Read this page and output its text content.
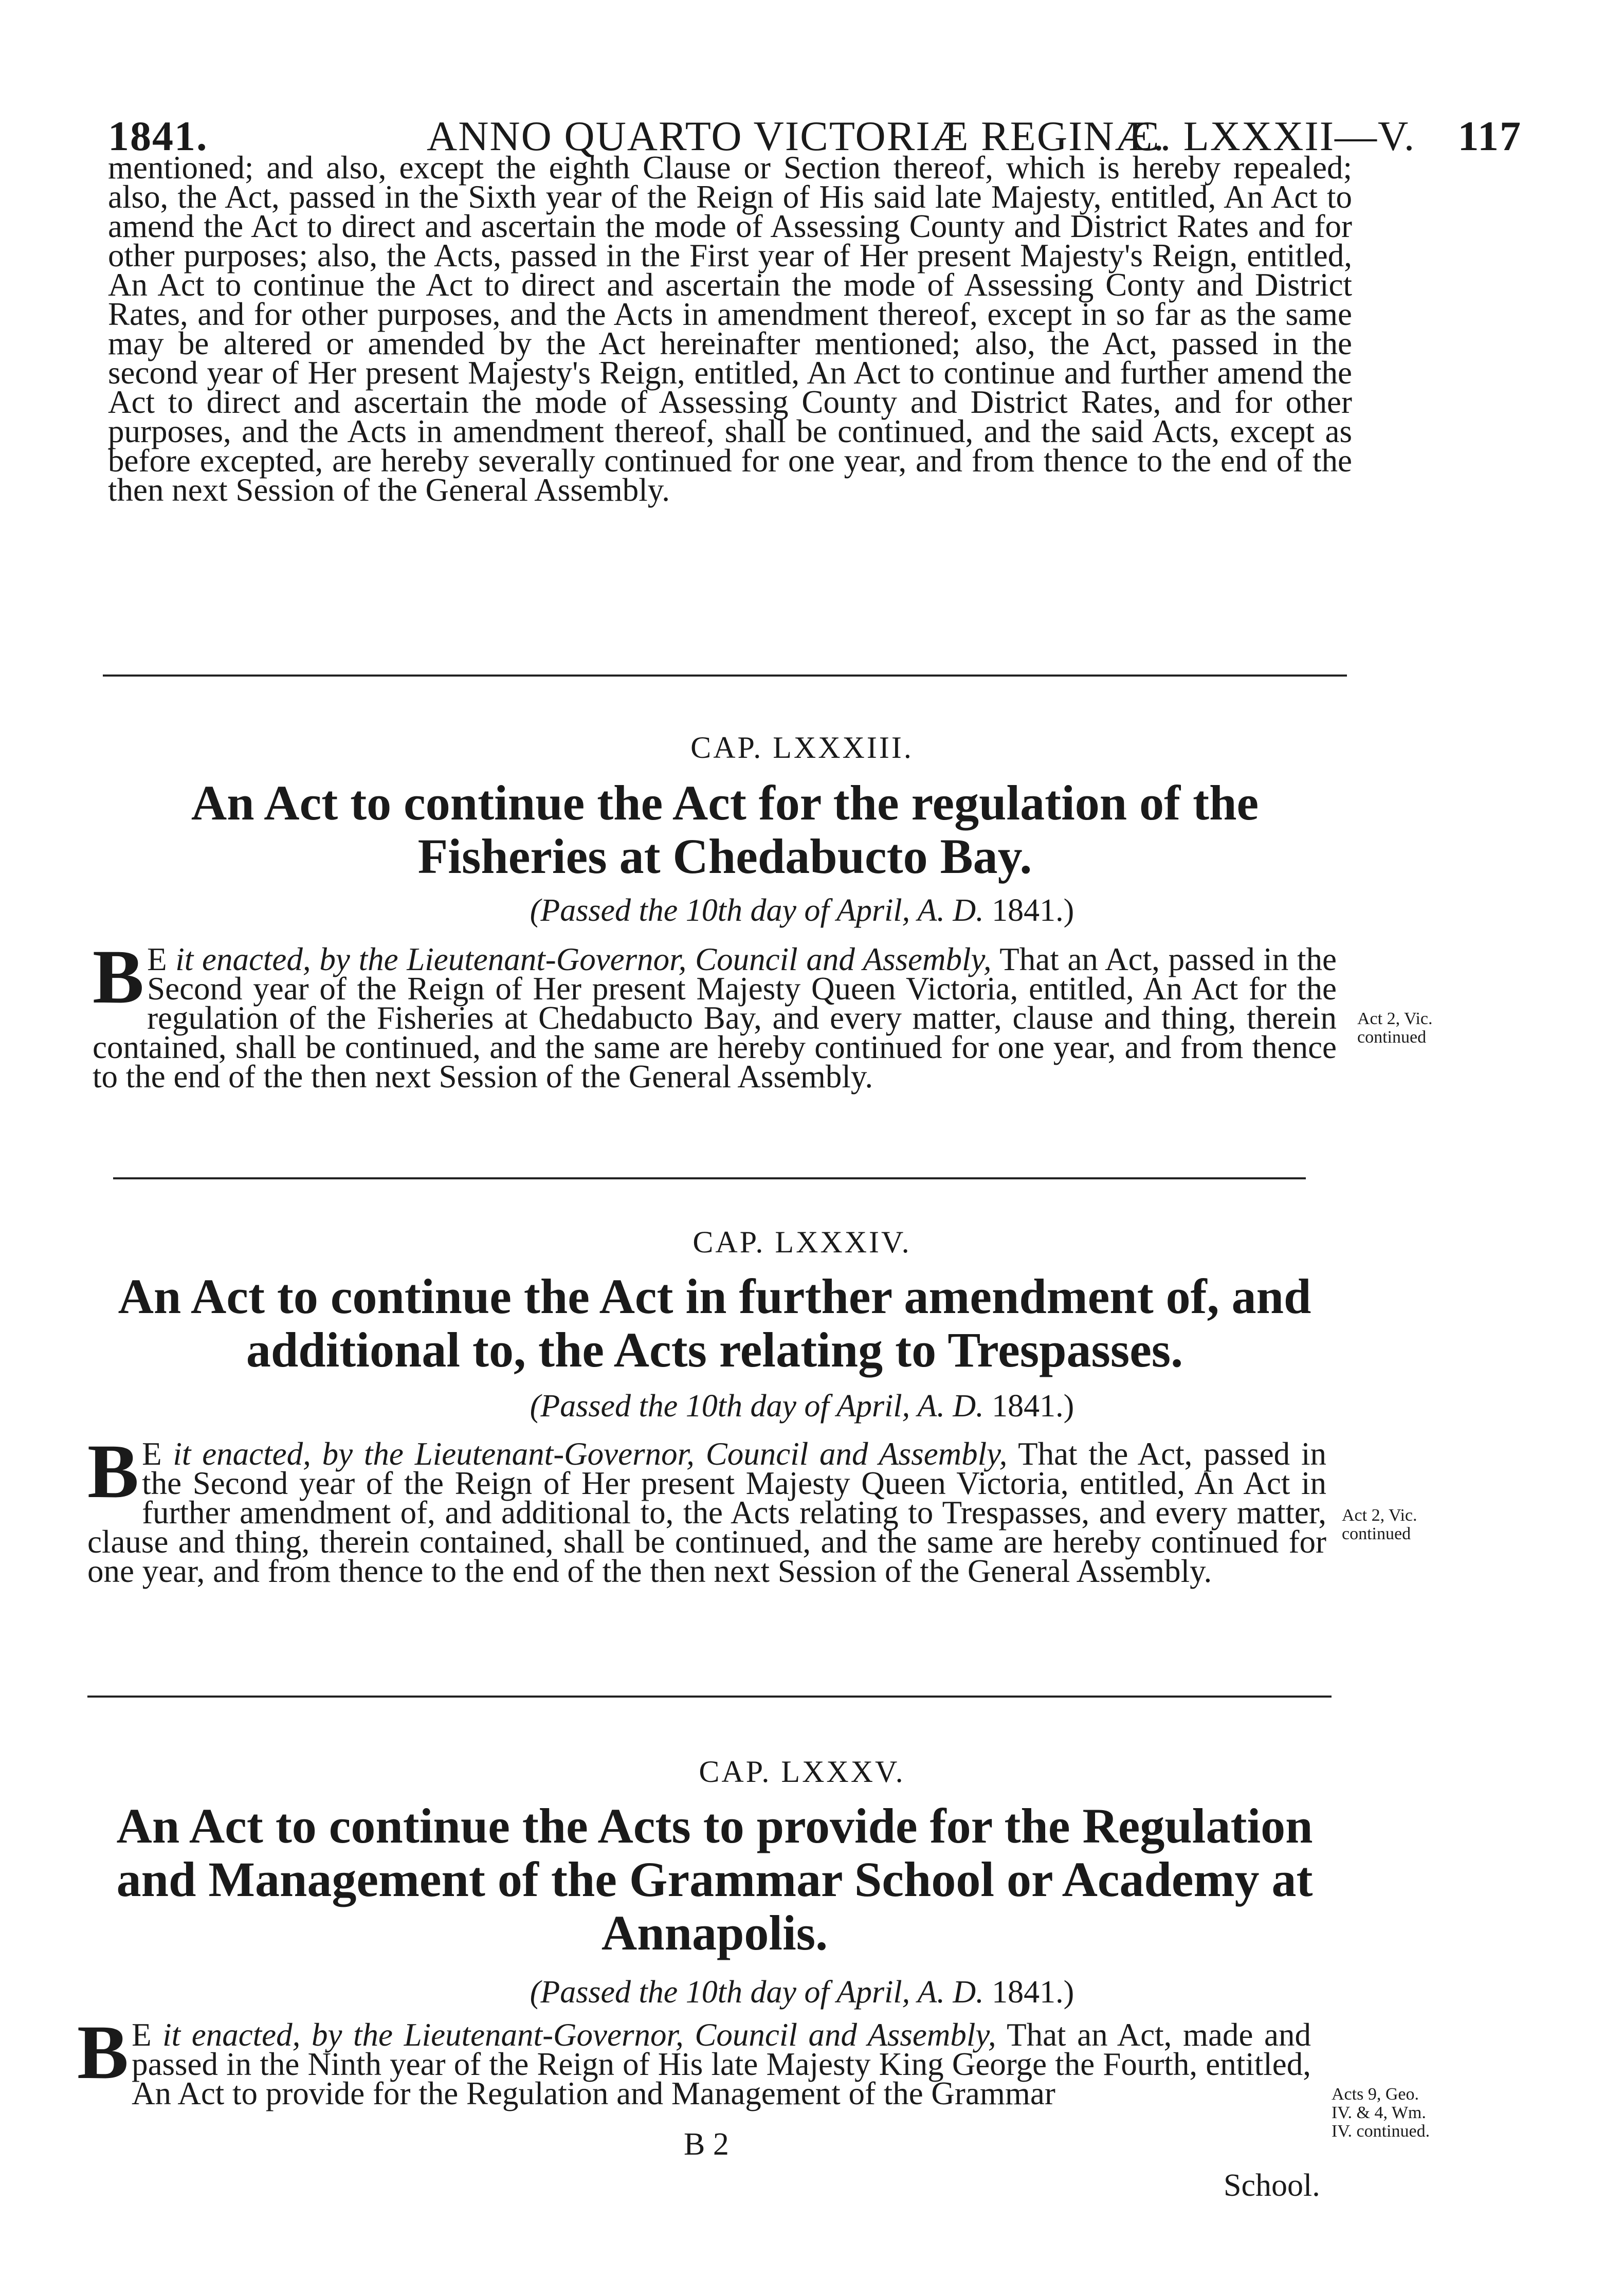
1841.	ANNO QUARTO VICTORIÆ REGINÆ.
C. LXXXII—V. 117

mentioned; and also, except the eighth Clause or Section thereof, which is hereby repealed; also, the Act, passed in the Sixth year of the Reign of His said late Majesty, entitled, An Act to amend the Act to direct and ascertain the mode of Assessing County and District Rates and for other purposes; also, the Acts, passed in the First year of Her present Majesty's Reign, entitled, An Act to continue the Act to direct and ascertain the mode of Assessing Conty and District Rates, and for other purposes, and the Acts in amendment thereof, except in so far as the same may be altered or amended by the Act hereinafter mentioned; also, the Act, passed in the second year of Her present Majesty's Reign, entitled, An Act to continue and further amend the Act to direct and ascertain the mode of Assessing County and District Rates, and for other purposes, and the Acts in amendment thereof, shall be continued, and the said Acts, except as before excepted, are hereby severally continued for one year, and from thence to the end of the then next Session of the General Assembly.

CAP. LXXXIII.
An Act to continue the Act for the regulation of the Fisheries at Chedabucto Bay.
(Passed the 10th day of April, A. D. 1841.)

B E it enacted, by the Lieutenant-Governor, Council and Assembly, That an Act, passed in the Second year of the Reign of Her present Majesty Queen Victoria, entitled, An Act for the regulation of the Fisheries at Chedabucto Bay, and every matter, clause and thing, therein contained, shall be continued, and the same are hereby continued for one year, and from thence to the end of the then next Session of the General Assembly.

Act 2, Vic.
continued
CAP. LXXXIV.
An Act to continue the Act in further amendment of, and additional to, the Acts relating to Trespasses.
(Passed the 10th day of April, A. D. 1841.)

B E it enacted, by the Lieutenant-Governor, Council and Assembly, That the Act, passed in the Second year of the Reign of Her present Majesty Queen Victoria, entitled, An Act in further amendment of, and additional to, the Acts relating to Trespasses, and every matter, clause and thing, therein contained, shall be continued, and the same are hereby continued for one year, and from thence to the end of the then next Session of the General Assembly.

Act 2, Vic.
continued
CAP. LXXXV.
An Act to continue the Acts to provide for the Regulation and Management of the Grammar School or Academy at Annapolis.
(Passed the 10th day of April, A. D. 1841.)

B E it enacted, by the Lieutenant-Governor, Council and Assembly, That an Act, made and passed in the Ninth year of the Reign of His late Majesty King George the Fourth, entitled, An Act to provide for the Regulation and Management of the Grammar	Acts 9, Geo.
IV. & 4, Wm.
IV. continued.
B 2
School.
